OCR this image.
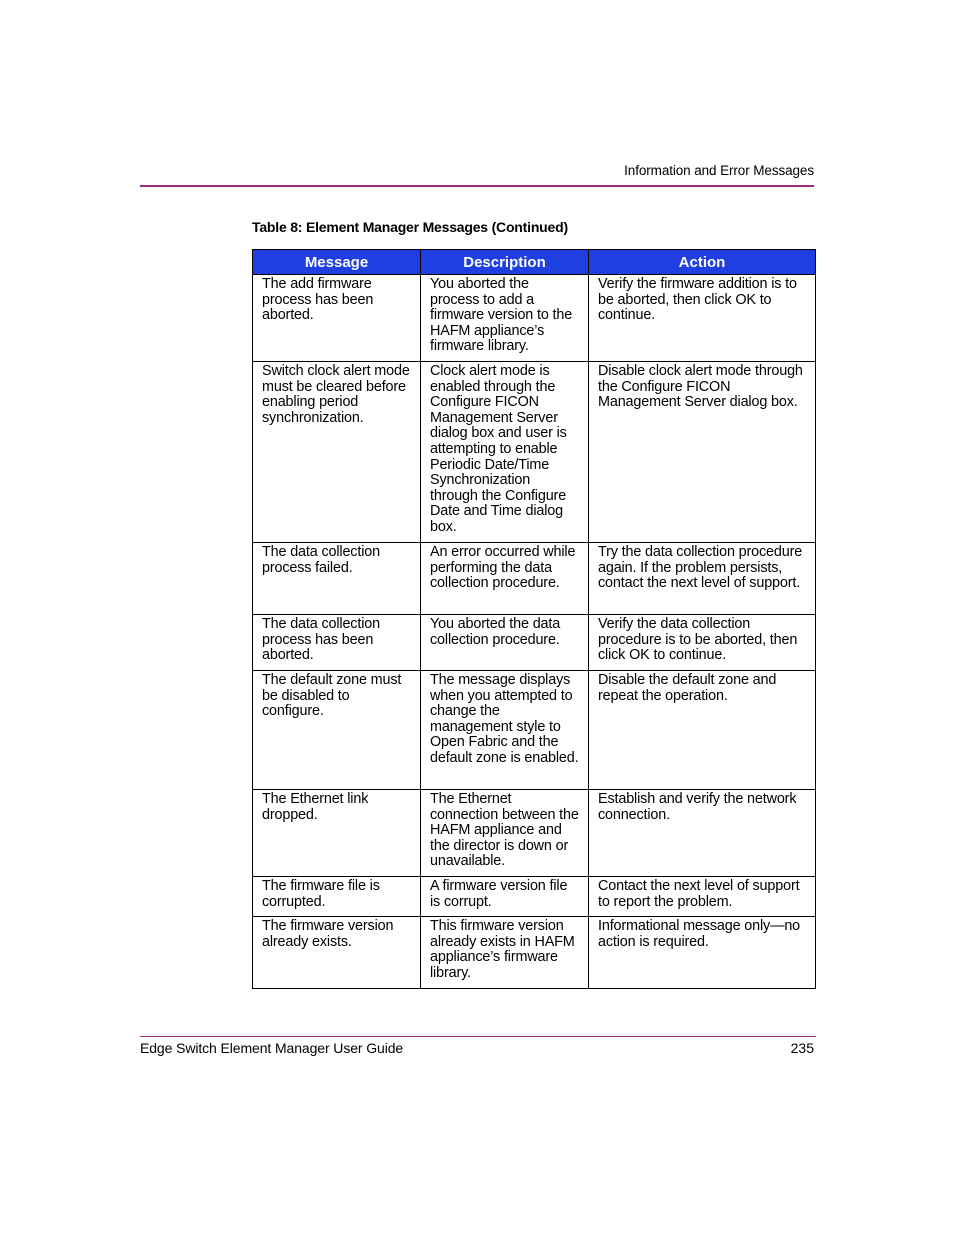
Information and Error Messages
Table 8: Element Manager Messages (Continued)
Message	Description	Action
The add firmware process has been aborted.	You aborted the process to add a firmware version to the HAFM appliance’s firmware library.	Verify the firmware addition is to be aborted, then click OK to continue.
Switch clock alert mode must be cleared before enabling period synchronization.	Clock alert mode is enabled through the Configure FICON Management Server dialog box and user is attempting to enable Periodic Date/Time Synchronization through the Configure Date and Time dialog box.	Disable clock alert mode through the Configure FICON Management Server dialog box.
The data collection process failed.	An error occurred while performing the data collection procedure.	Try the data collection procedure again. If the problem persists, contact the next level of support.
The data collection process has been aborted.	You aborted the data collection procedure.	Verify the data collection procedure is to be aborted, then click OK to continue.
The default zone must be disabled to configure.	The message displays when you attempted to change the management style to Open Fabric and the default zone is enabled.	Disable the default zone and repeat the operation.
The Ethernet link dropped.	The Ethernet connection between the HAFM appliance and the director is down or unavailable.	Establish and verify the network connection.
The firmware file is corrupted.	A firmware version file is corrupt.	Contact the next level of support to report the problem.
The firmware version already exists.	This firmware version already exists in HAFM appliance’s firmware library.	Informational message only—no action is required.
Edge Switch Element Manager User Guide	235
